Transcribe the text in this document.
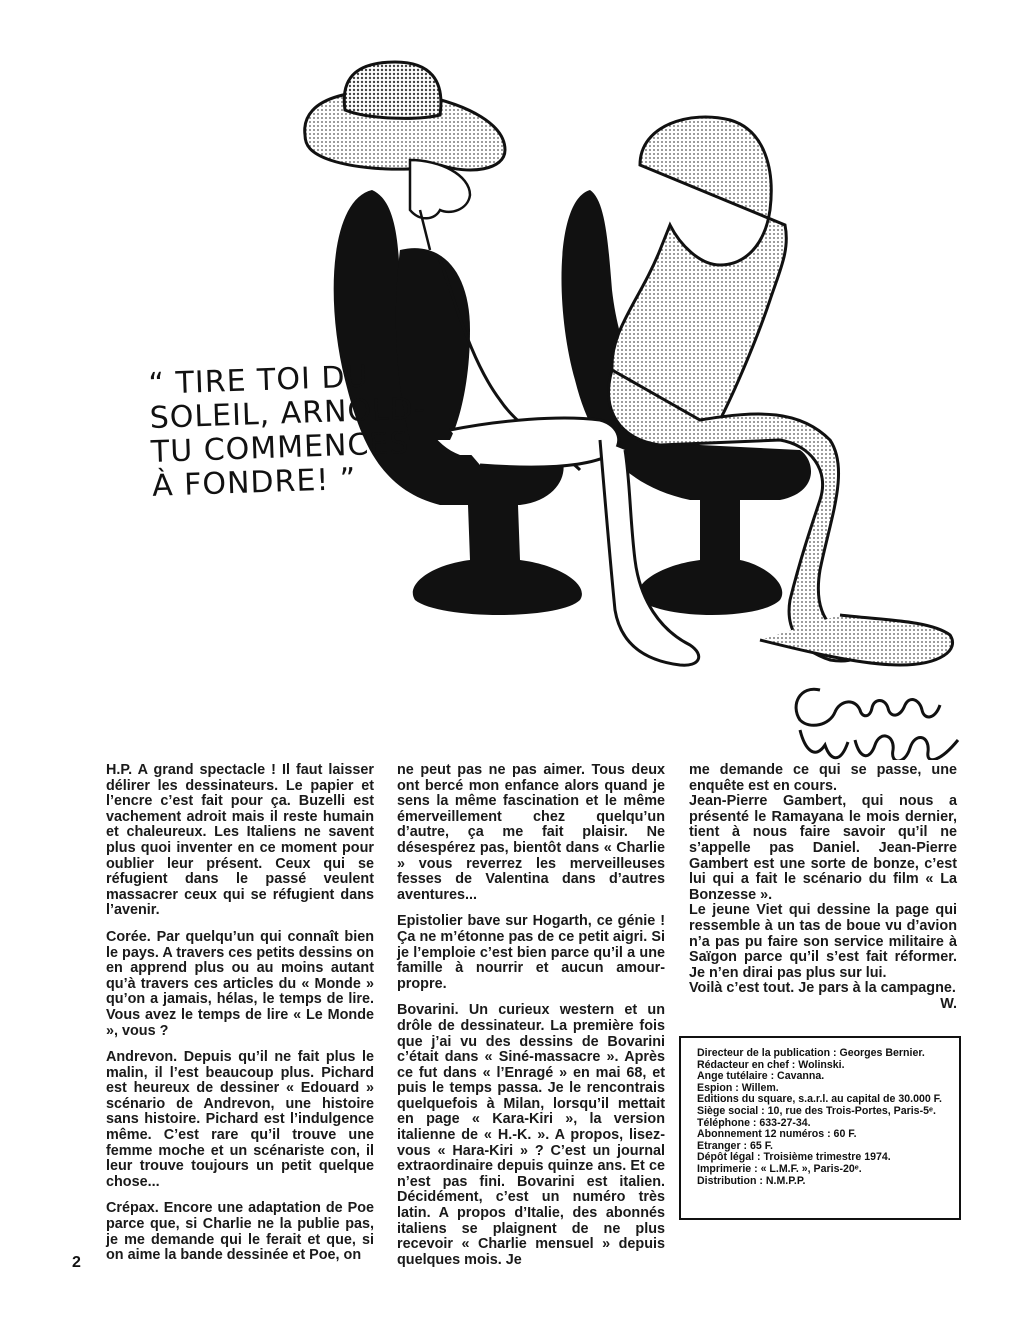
“ TIRE TOI DU
SOLEIL, ARNOLD-
TU COMMENCES
À FONDRE! ”

H.P. A grand spectacle ! Il faut laisser délirer les dessinateurs. Le papier et l’encre c’est fait pour ça. Buzelli est vachement adroit mais il reste humain et chaleureux. Les Italiens ne savent plus quoi inventer en ce moment pour oublier leur présent. Ceux qui se réfugient dans le passé veulent massacrer ceux qui se réfugient dans l’avenir.

Corée. Par quelqu’un qui connaît bien le pays. A travers ces petits dessins on en apprend plus ou au moins autant qu’à travers ces articles du « Monde » qu’on a jamais, hélas, le temps de lire. Vous avez le temps de lire « Le Monde », vous ?

Andrevon. Depuis qu’il ne fait plus le malin, il l’est beaucoup plus. Pichard est heureux de dessiner « Edouard » scénario de Andrevon, une histoire sans histoire. Pichard est l’indulgence même. C’est rare qu’il trouve une femme moche et un scénariste con, il leur trouve toujours un petit quelque chose...

Crépax. Encore une adaptation de Poe parce que, si Charlie ne la publie pas, je me demande qui le ferait et que, si on aime la bande dessinée et Poe, on

ne peut pas ne pas aimer. Tous deux ont bercé mon enfance alors quand je sens la même fascination et le même émerveillement chez quelqu’un d’autre, ça me fait plaisir. Ne désespérez pas, bientôt dans « Charlie » vous reverrez les merveilleuses fesses de Valentina dans d’autres aventures...

Epistolier bave sur Hogarth, ce génie ! Ça ne m’étonne pas de ce petit aigri. Si je l’emploie c’est bien parce qu’il a une famille à nourrir et aucun amour-propre.

Bovarini. Un curieux western et un drôle de dessinateur. La première fois que j’ai vu des dessins de Bovarini c’était dans « Siné-massacre ». Après ce fut dans « l’Enragé » en mai 68, et puis le temps passa. Je le rencontrais quelquefois à Milan, lorsqu’il mettait en page « Kara-Kiri », la version italienne de « H.-K. ». A propos, lisez-vous « Hara-Kiri » ? C’est un journal extraordinaire depuis quinze ans. Et ce n’est pas fini. Bovarini est italien. Décidément, c’est un numéro très latin. A propos d’Italie, des abonnés italiens se plaignent de ne plus recevoir « Charlie mensuel » depuis quelques mois. Je

me demande ce qui se passe, une enquête est en cours.

Jean-Pierre Gambert, qui nous a présenté le Ramayana le mois dernier, tient à nous faire savoir qu’il ne s’appelle pas Daniel. Jean-Pierre Gambert est une sorte de bonze, c’est lui qui a fait le scénario du film « La Bonzesse ».

Le jeune Viet qui dessine la page qui ressemble à un tas de boue vu d’avion n’a pas pu faire son service militaire à Saïgon parce qu’il s’est fait réformer. Je n’en dirai pas plus sur lui.

Voilà c’est tout. Je pars à la campagne.

W.

Directeur de la publication : Georges Bernier.
Rédacteur en chef : Wolinski.
Ange tutélaire : Cavanna.
Espion : Willem.
Editions du square, s.a.r.l. au capital de 30.000 F.
Siège social : 10, rue des Trois-Portes, Paris-5ᵉ.
Téléphone : 633-27-34.
Abonnement 12 numéros : 60 F.
Etranger : 65 F.
Dépôt légal : Troisième trimestre 1974.
Imprimerie : « L.M.F. », Paris-20ᵉ.
Distribution : N.M.P.P.
2
